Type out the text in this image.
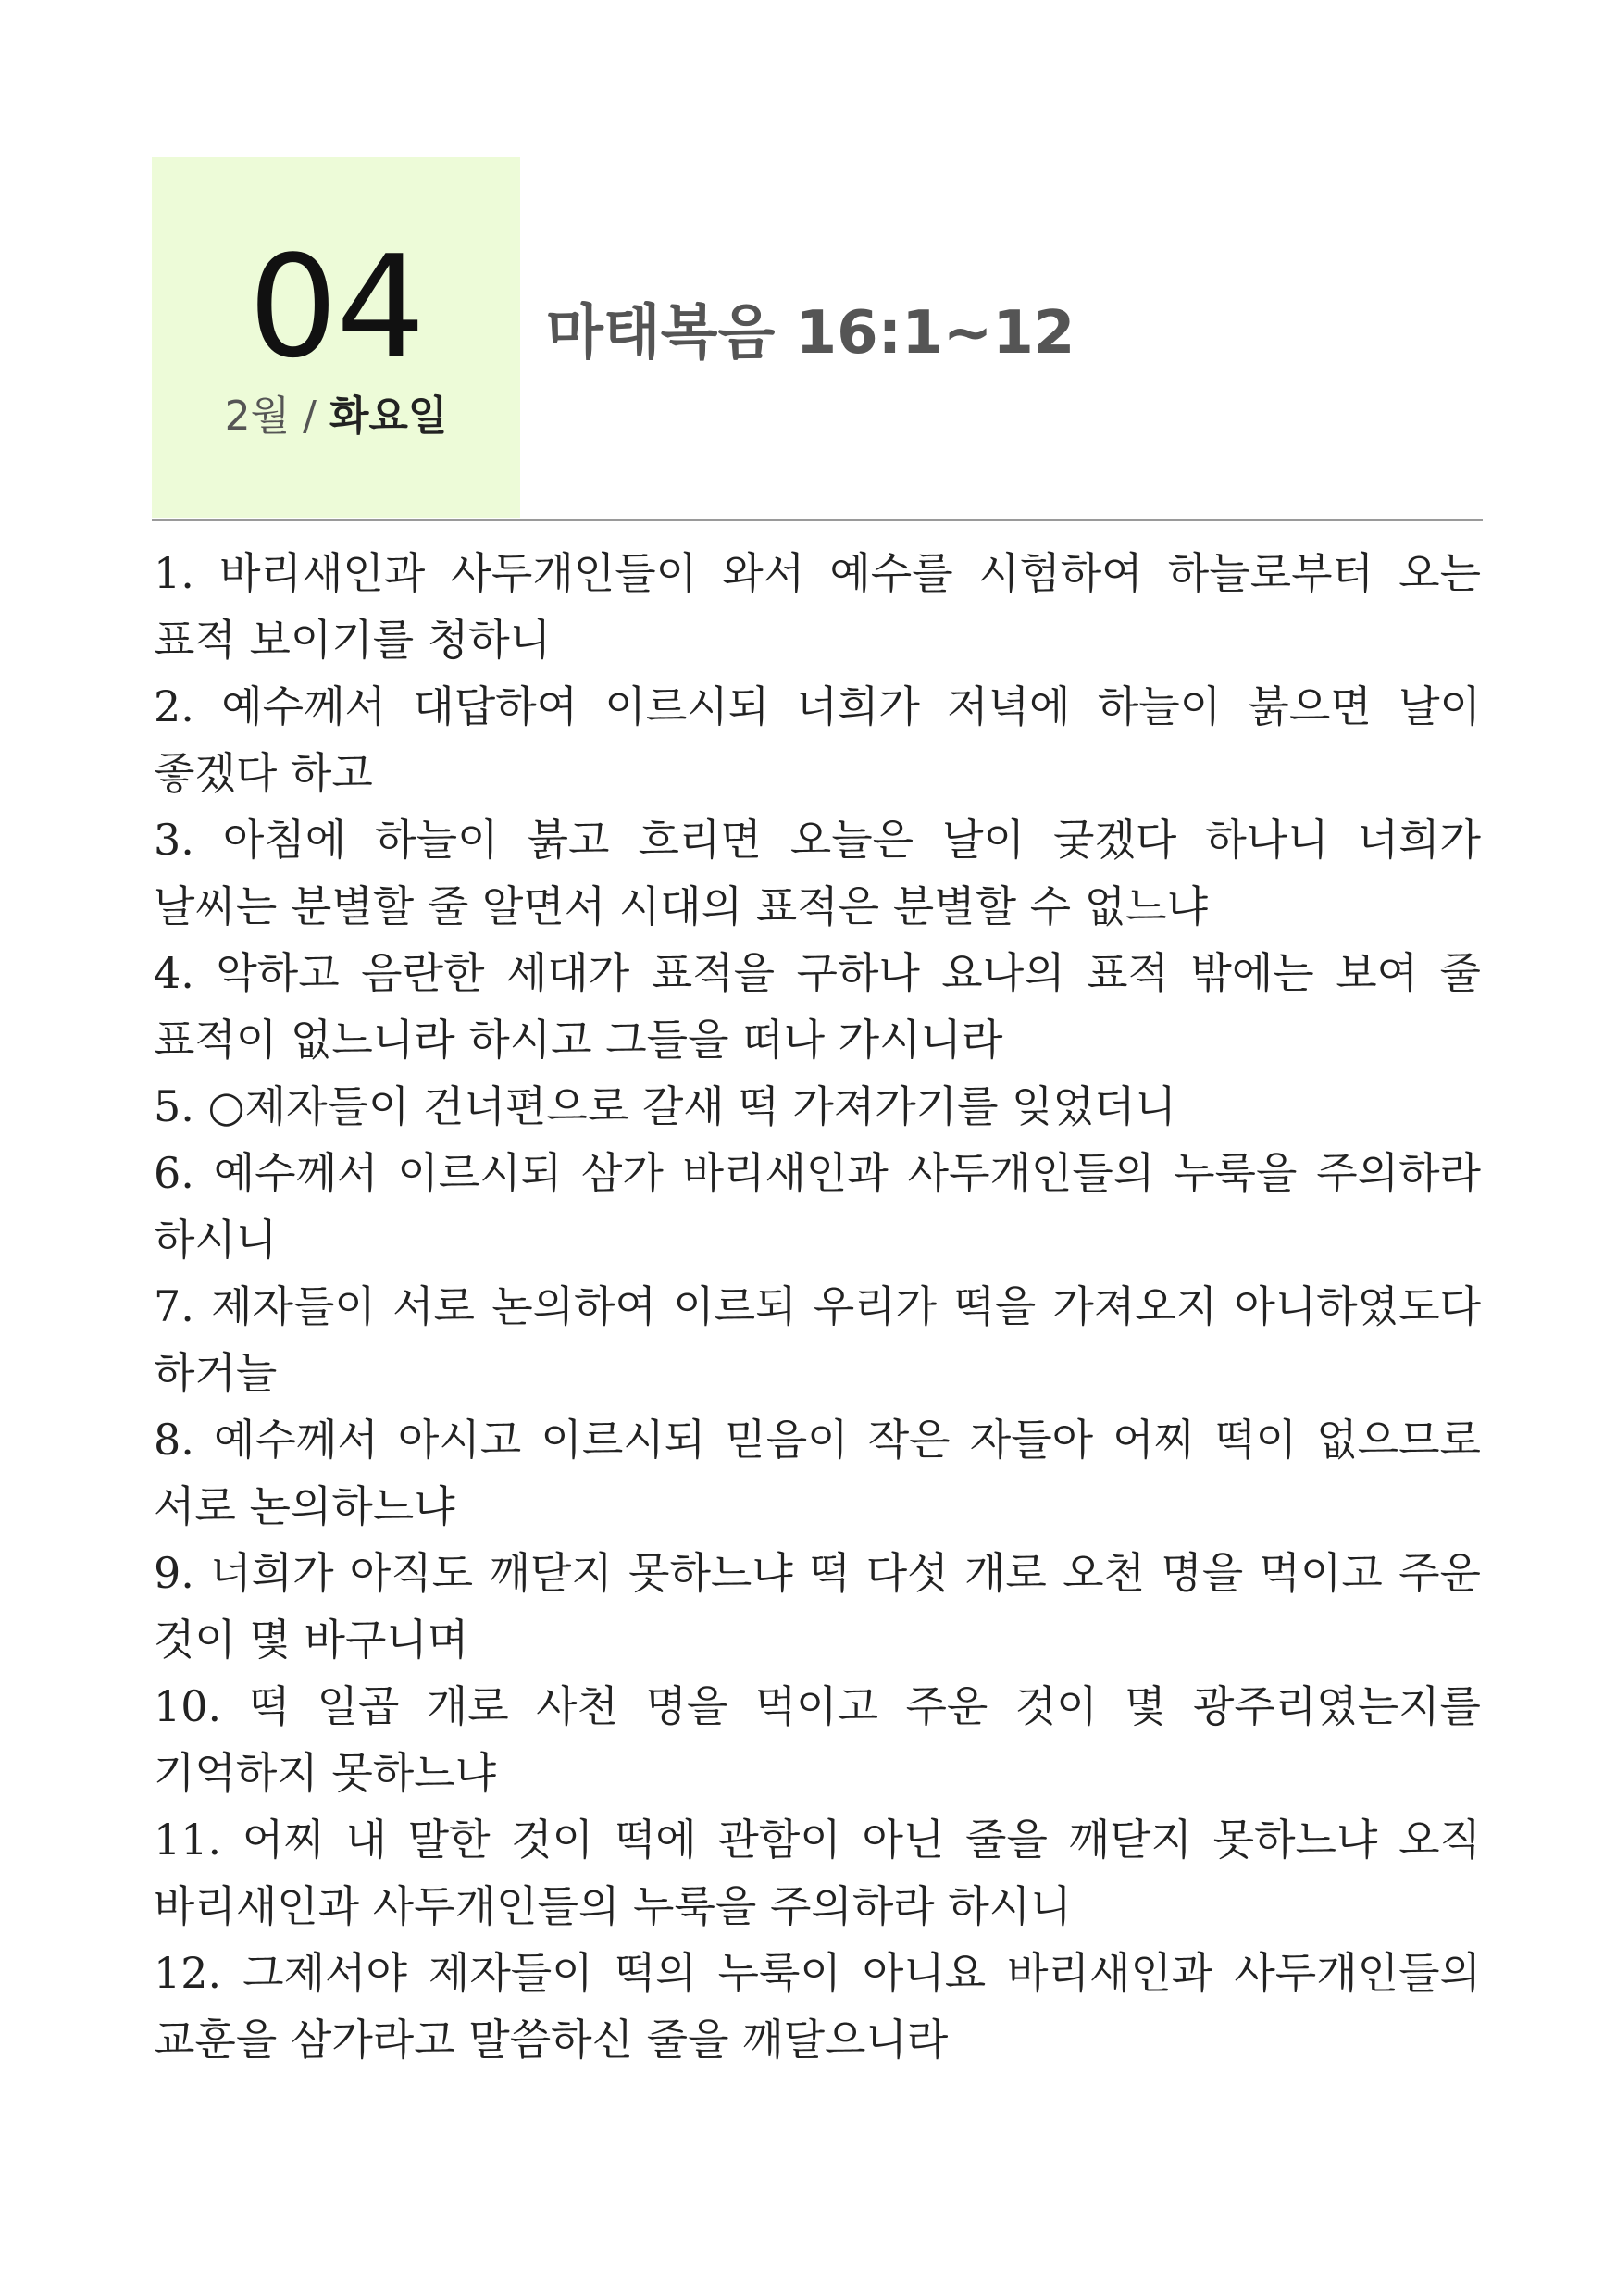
04
2월 / 화요일
마태복음 16:1~12
1. 바리새인과 사두개인들이 와서 예수를 시험하여 하늘로부터 오는 표적 보이기를 청하니
2. 예수께서 대답하여 이르시되 너희가 저녁에 하늘이 붉으면 날이 좋겠다 하고
3. 아침에 하늘이 붉고 흐리면 오늘은 날이 궂겠다 하나니 너희가 날씨는 분별할 줄 알면서 시대의 표적은 분별할 수 없느냐
4. 악하고 음란한 세대가 표적을 구하나 요나의 표적 밖에는 보여 줄 표적이 없느니라 하시고 그들을 떠나 가시니라
5. ○제자들이 건너편으로 갈새 떡 가져가기를 잊었더니
6. 예수께서 이르시되 삼가 바리새인과 사두개인들의 누룩을 주의하라 하시니
7. 제자들이 서로 논의하여 이르되 우리가 떡을 가져오지 아니하였도다 하거늘
8. 예수께서 아시고 이르시되 믿음이 작은 자들아 어찌 떡이 없으므로 서로 논의하느냐
9. 너희가 아직도 깨닫지 못하느냐 떡 다섯 개로 오천 명을 먹이고 주운 것이 몇 바구니며
10. 떡 일곱 개로 사천 명을 먹이고 주운 것이 몇 광주리였는지를 기억하지 못하느냐
11. 어찌 내 말한 것이 떡에 관함이 아닌 줄을 깨닫지 못하느냐 오직 바리새인과 사두개인들의 누룩을 주의하라 하시니
12. 그제서야 제자들이 떡의 누룩이 아니요 바리새인과 사두개인들의 교훈을 삼가라고 말씀하신 줄을 깨달으니라
